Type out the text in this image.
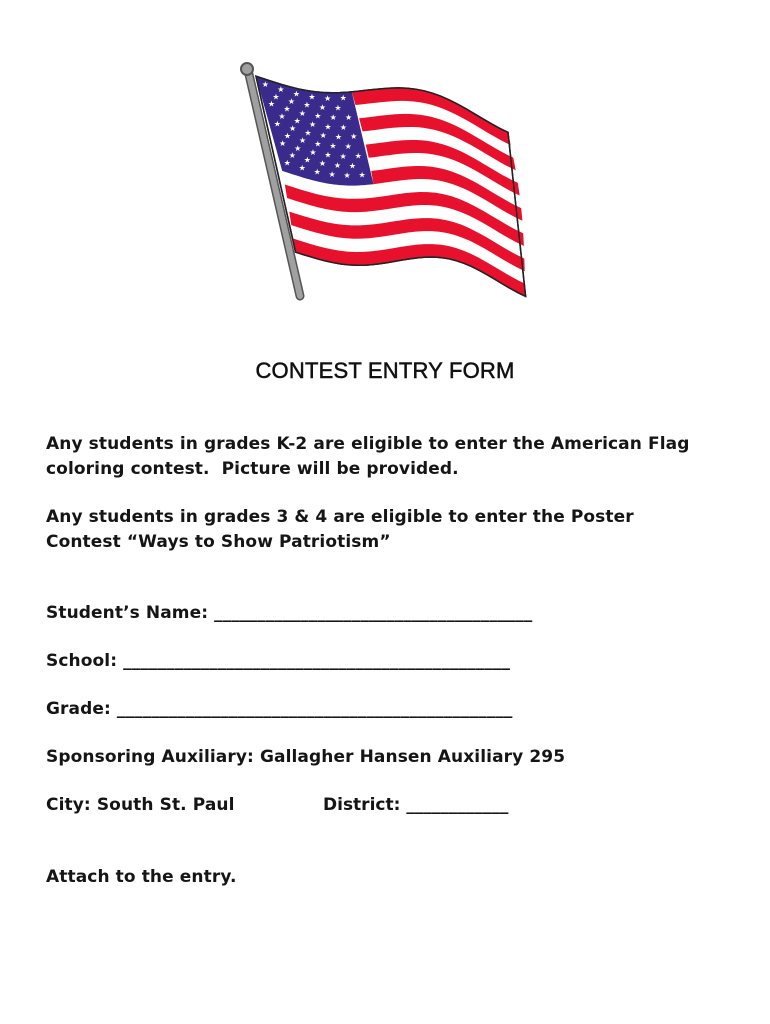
★
★ ★ ★ ★ ★
★
★ ★ ★ ★
★
★ ★ ★ ★ ★
★
★ ★ ★ ★
★
★ ★ ★ ★ ★
★
★ ★ ★ ★
★
★ ★ ★ ★ ★
★ ★ ★ ★ ★
★
★ ★ ★ ★ ★
CONTEST ENTRY FORM
Any students in grades K-2 are eligible to enter the American Flag
coloring contest.  Picture will be provided.
Any students in grades 3 & 4 are eligible to enter the Poster
Contest “Ways to Show Patriotism”
Student’s Name: _____________________________________
School: _____________________________________________
Grade: ______________________________________________
Sponsoring Auxiliary: Gallagher Hansen Auxiliary 295
City: South St. Paul	District: ____________
Attach to the entry.
